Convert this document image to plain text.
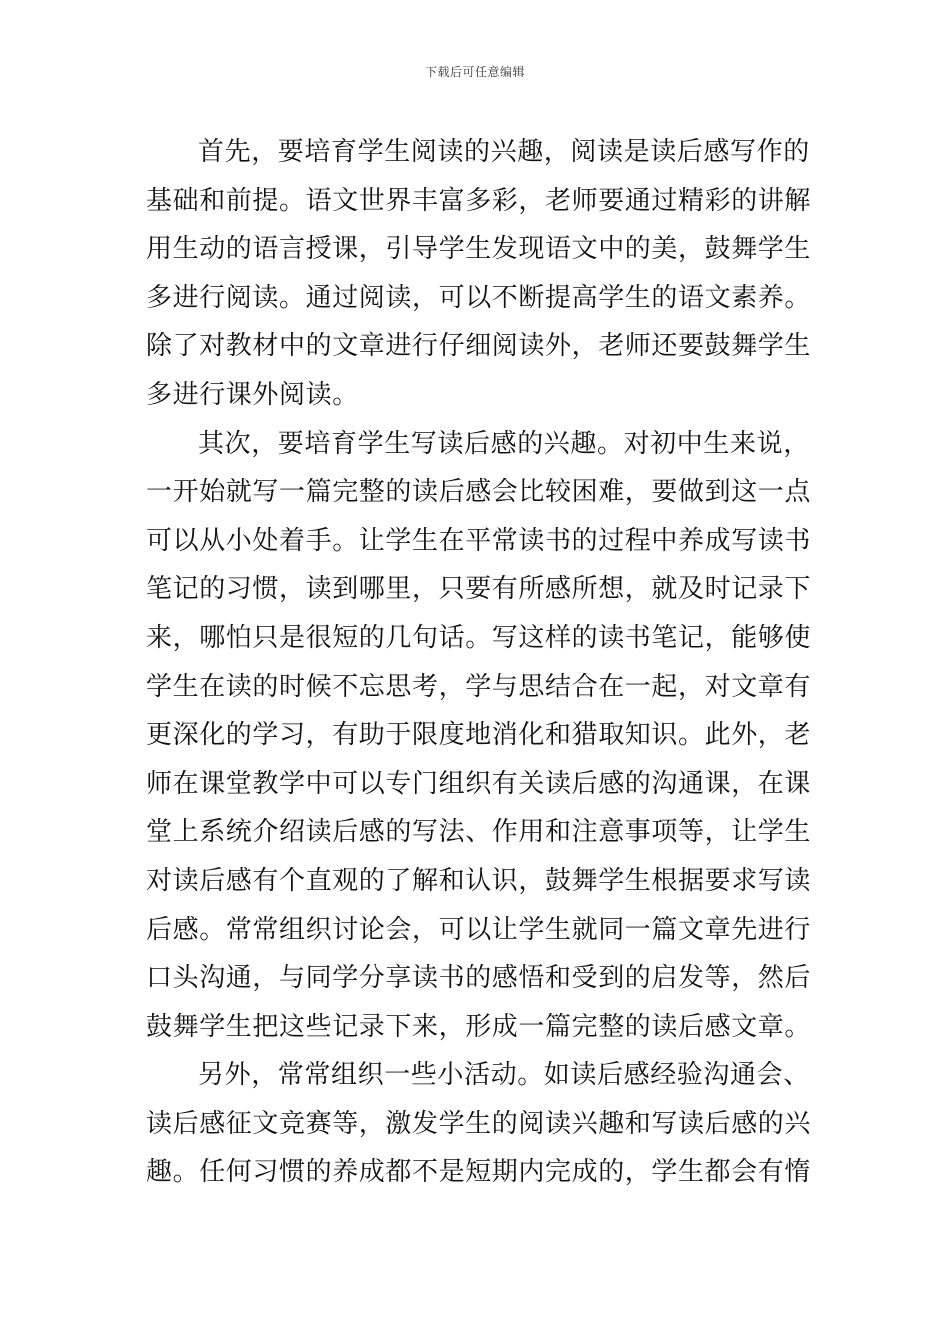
下载后可任意编辑
首先，要培育学生阅读的兴趣，阅读是读后感写作的
基础和前提。语文世界丰富多彩，老师要通过精彩的讲解
用生动的语言授课，引导学生发现语文中的美，鼓舞学生
多进行阅读。通过阅读，可以不断提高学生的语文素养。
除了对教材中的文章进行仔细阅读外，老师还要鼓舞学生
多进行课外阅读。
其次，要培育学生写读后感的兴趣。对初中生来说，
一开始就写一篇完整的读后感会比较困难，要做到这一点
可以从小处着手。让学生在平常读书的过程中养成写读书
笔记的习惯，读到哪里，只要有所感所想，就及时记录下
来，哪怕只是很短的几句话。写这样的读书笔记，能够使
学生在读的时候不忘思考，学与思结合在一起，对文章有
更深化的学习，有助于限度地消化和猎取知识。此外，老
师在课堂教学中可以专门组织有关读后感的沟通课，在课
堂上系统介绍读后感的写法、作用和注意事项等，让学生
对读后感有个直观的了解和认识，鼓舞学生根据要求写读
后感。常常组织讨论会，可以让学生就同一篇文章先进行
口头沟通，与同学分享读书的感悟和受到的启发等，然后
鼓舞学生把这些记录下来，形成一篇完整的读后感文章。
另外，常常组织一些小活动。如读后感经验沟通会、
读后感征文竞赛等，激发学生的阅读兴趣和写读后感的兴
趣。任何习惯的养成都不是短期内完成的，学生都会有惰
